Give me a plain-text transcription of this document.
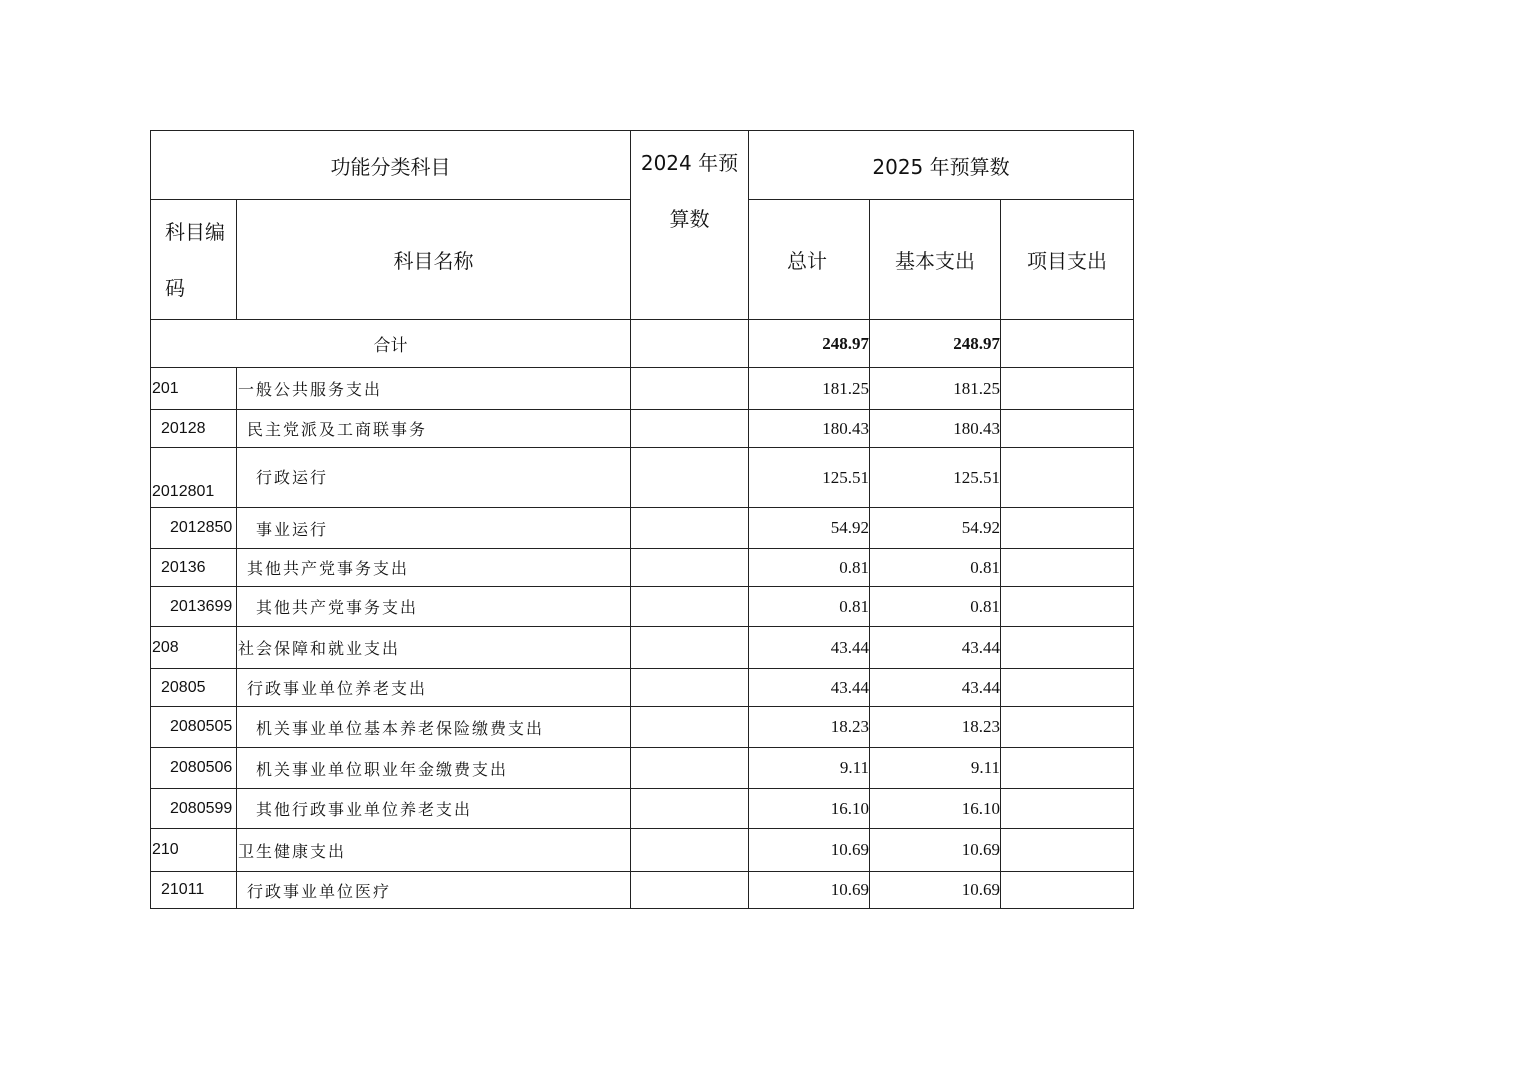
功能分类科目		2024 年预算数	2025 年预算数		
科目编码	科目名称		总计	基本支出	项目支出
合计			248.97	248.97	
201	一般公共服务支出		181.25	181.25	
20128	民主党派及工商联事务		180.43	180.43	
2012801	行政运行		125.51	125.51	
2012850	事业运行		54.92	54.92	
20136	其他共产党事务支出		0.81	0.81	
2013699	其他共产党事务支出		0.81	0.81	
208	社会保障和就业支出		43.44	43.44	
20805	行政事业单位养老支出		43.44	43.44	
2080505	机关事业单位基本养老保险缴费支出		18.23	18.23	
2080506	机关事业单位职业年金缴费支出		9.11	9.11	
2080599	其他行政事业单位养老支出		16.10	16.10	
210	卫生健康支出		10.69	10.69	
21011	行政事业单位医疗		10.69	10.69	
